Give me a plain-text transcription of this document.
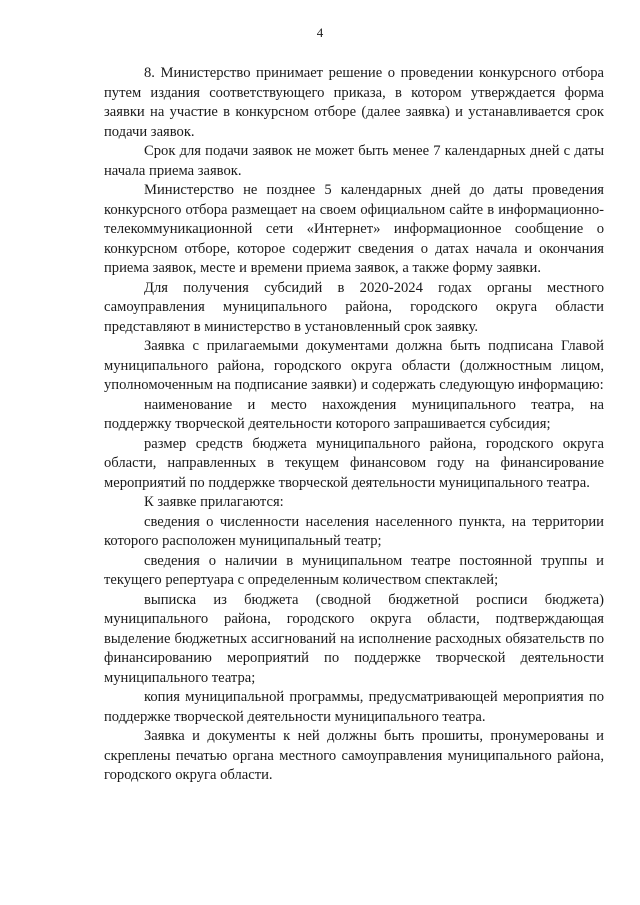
4

8. Министерство принимает решение о проведении конкурсного отбора путем издания соответствующего приказа, в котором утверждается форма заявки на участие в конкурсном отборе (далее заявка) и устанавливается срок подачи заявок.

Срок для подачи заявок не может быть менее 7 календарных дней с даты начала приема заявок.

Министерство не позднее 5 календарных дней до даты проведения конкурсного отбора размещает на своем официальном сайте в информационно-телекоммуникационной сети «Интернет» информационное сообщение о конкурсном отборе, которое содержит сведения о датах начала и окончания приема заявок, месте и времени приема заявок, а также форму заявки.

Для получения субсидий в 2020-2024 годах органы местного самоуправления муниципального района, городского округа области представляют в министерство в установленный срок заявку.

Заявка с прилагаемыми документами должна быть подписана Главой муниципального района, городского округа области (должностным лицом, уполномоченным на подписание заявки) и содержать следующую информацию:

наименование и место нахождения муниципального театра, на поддержку творческой деятельности которого запрашивается субсидия;

размер средств бюджета муниципального района, городского округа области, направленных в текущем финансовом году на финансирование мероприятий по поддержке творческой деятельности муниципального театра.

К заявке прилагаются:

сведения о численности населения населенного пункта, на территории которого расположен муниципальный театр;

сведения о наличии в муниципальном театре постоянной труппы и текущего репертуара с определенным количеством спектаклей;

выписка из бюджета (сводной бюджетной росписи бюджета) муниципального района, городского округа области, подтверждающая выделение бюджетных ассигнований на исполнение расходных обязательств по финансированию мероприятий по поддержке творческой деятельности муниципального театра;

копия муниципальной программы, предусматривающей мероприятия по поддержке творческой деятельности муниципального театра.

Заявка и документы к ней должны быть прошиты, пронумерованы и скреплены печатью органа местного самоуправления муниципального района, городского округа области.
